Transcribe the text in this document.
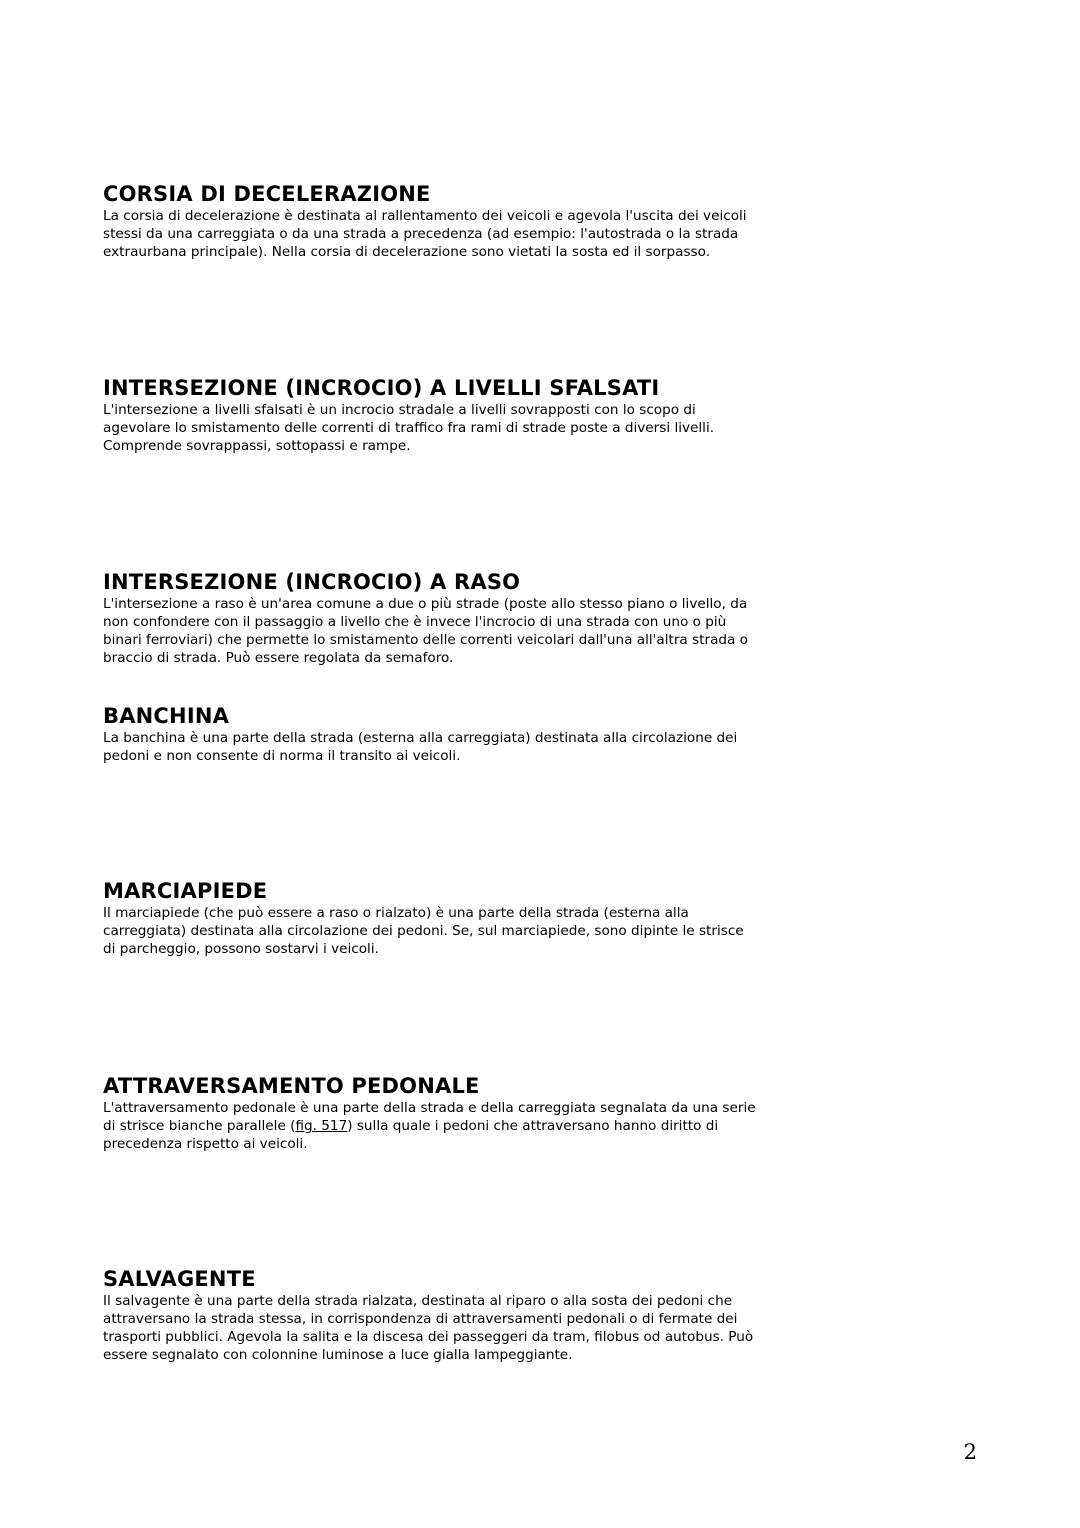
CORSIA DI DECELERAZIONE

La corsia di decelerazione è destinata al rallentamento dei veicoli e agevola l'uscita dei veicoli
stessi da una carreggiata o da una strada a precedenza (ad esempio: l'autostrada o la strada
extraurbana principale). Nella corsia di decelerazione sono vietati la sosta ed il sorpasso.

INTERSEZIONE (INCROCIO) A LIVELLI SFALSATI

L'intersezione a livelli sfalsati è un incrocio stradale a livelli sovrapposti con lo scopo di
agevolare lo smistamento delle correnti di traffico fra rami di strade poste a diversi livelli.
Comprende sovrappassi, sottopassi e rampe.

INTERSEZIONE (INCROCIO) A RASO

L'intersezione a raso è un'area comune a due o più strade (poste allo stesso piano o livello, da
non confondere con il passaggio a livello che è invece l'incrocio di una strada con uno o più
binari ferroviari) che permette lo smistamento delle correnti veicolari dall'una all'altra strada o
braccio di strada. Può essere regolata da semaforo.

BANCHINA

La banchina è una parte della strada (esterna alla carreggiata) destinata alla circolazione dei
pedoni e non consente di norma il transito ai veicoli.

MARCIAPIEDE

Il marciapiede (che può essere a raso o rialzato) è una parte della strada (esterna alla
carreggiata) destinata alla circolazione dei pedoni. Se, sul marciapiede, sono dipinte le strisce
di parcheggio, possono sostarvi i veicoli.

ATTRAVERSAMENTO PEDONALE

L'attraversamento pedonale è una parte della strada e della carreggiata segnalata da una serie
di strisce bianche parallele (fig. 517) sulla quale i pedoni che attraversano hanno diritto di
precedenza rispetto ai veicoli.

SALVAGENTE

Il salvagente è una parte della strada rialzata, destinata al riparo o alla sosta dei pedoni che
attraversano la strada stessa, in corrispondenza di attraversamenti pedonali o di fermate dei
trasporti pubblici. Agevola la salita e la discesa dei passeggeri da tram, filobus od autobus. Può
essere segnalato con colonnine luminose a luce gialla lampeggiante.

2
